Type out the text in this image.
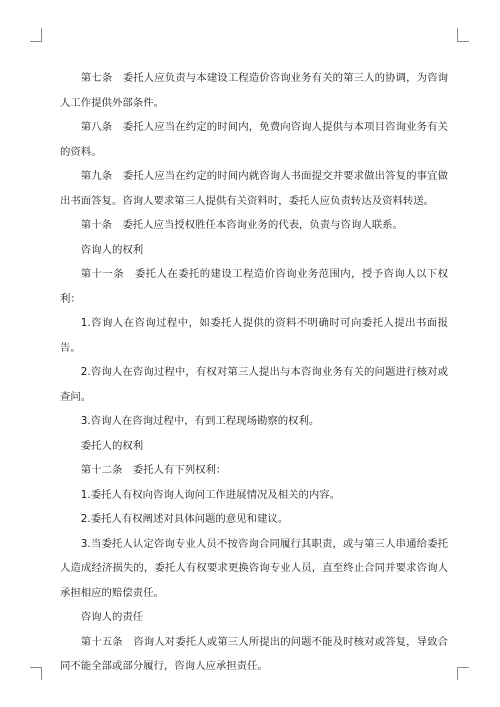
第七条　委托人应负责与本建设工程造价咨询业务有关的第三人的协调，为咨询人工作提供外部条件。

第八条　委托人应当在约定的时间内，免费向咨询人提供与本项目咨询业务有关的资料。

第九条　委托人应当在约定的时间内就咨询人书面提交并要求做出答复的事宜做出书面答复。咨询人要求第三人提供有关资料时，委托人应负责转达及资料转送。

第十条　委托人应当授权胜任本咨询业务的代表，负责与咨询人联系。

咨询人的权利

第十一条　委托人在委托的建设工程造价咨询业务范围内，授予咨询人以下权利：

1.咨询人在咨询过程中，如委托人提供的资料不明确时可向委托人提出书面报告。

2.咨询人在咨询过程中，有权对第三人提出与本咨询业务有关的问题进行核对或查问。

3.咨询人在咨询过程中，有到工程现场勘察的权利。

委托人的权利

第十二条　委托人有下列权利：

1.委托人有权向咨询人询问工作进展情况及相关的内容。

2.委托人有权阐述对具体问题的意见和建议。

3.当委托人认定咨询专业人员不按咨询合同履行其职责，或与第三人串通给委托人造成经济损失的，委托人有权要求更换咨询专业人员，直至终止合同并要求咨询人承担相应的赔偿责任。

咨询人的责任

第十五条　咨询人对委托人或第三人所提出的问题不能及时核对或答复，导致合同不能全部或部分履行，咨询人应承担责任。
